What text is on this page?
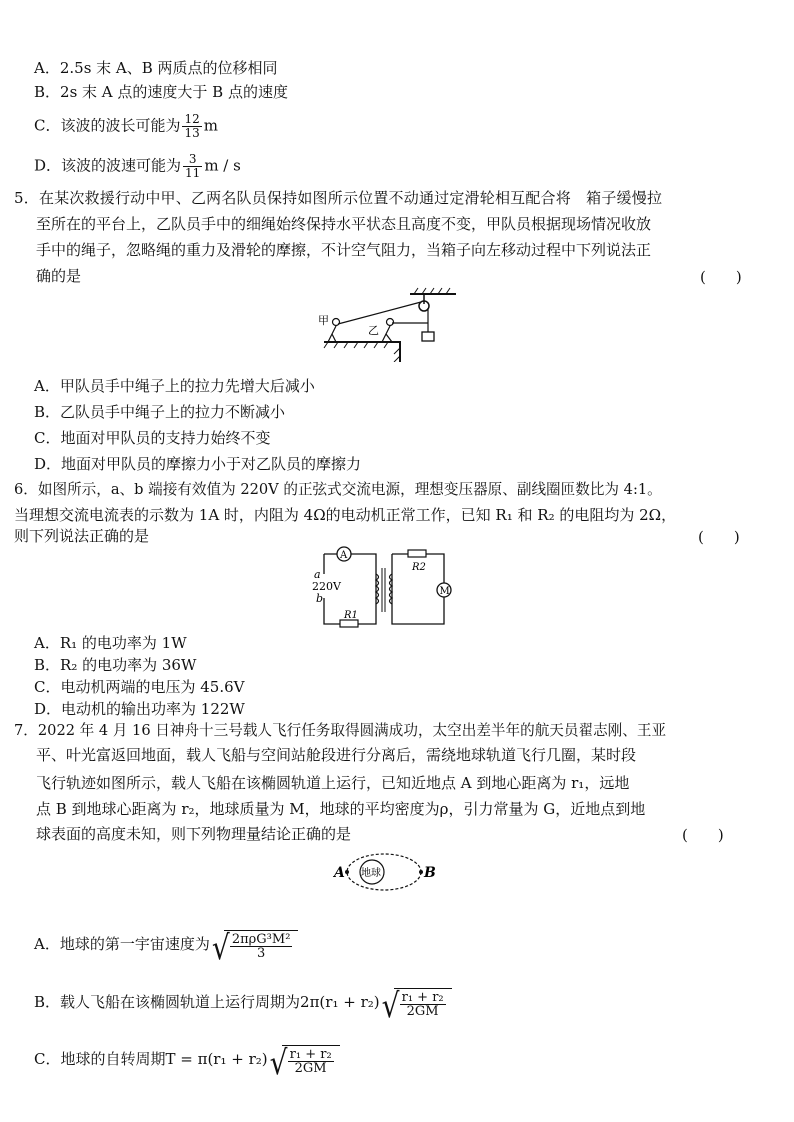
A．2.5s 末 A、B 两质点的位移相同
B．2s 末 A 点的速度大于 B 点的速度
C．该波的波长可能为 $\frac{12}{13}$ m
D．该波的波速可能为 $\frac{3}{11}$ m / s
5．在某次救援行动中甲、乙两名队员保持如图所示位置不动通过定滑轮相互配合将　箱子缓慢拉
至所在的平台上，乙队员手中的细绳始终保持水平状态且高度不变，甲队员根据现场情况收放
手中的绳子，忽略绳的重力及滑轮的摩擦，不计空气阻力，当箱子向左移动过程中下列说法正
确的是	(　　)
甲
乙
A．甲队员手中绳子上的拉力先增大后减小
B．乙队员手中绳子上的拉力不断减小
C．地面对甲队员的支持力始终不变
D．地面对甲队员的摩擦力小于对乙队员的摩擦力
6．如图所示，a、b 端接有效值为 220V 的正弦式交流电源，理想变压器原、副线圈匝数比为 4:1。
当理想交流电流表的示数为 1A 时，内阻为 4Ω的电动机正常工作，已知 R₁ 和 R₂ 的电阻均为 2Ω，
则下列说法正确的是	(　　)
A
R1
a
220V
b
R2
M
A．R₁ 的电功率为 1W
B．R₂ 的电功率为 36W
C．电动机两端的电压为 45.6V
D．电动机的输出功率为 122W
7．2022 年 4 月 16 日神舟十三号载人飞行任务取得圆满成功，太空出差半年的航天员翟志刚、王亚
平、叶光富返回地面，载人飞船与空间站舱段进行分离后，需绕地球轨道飞行几圈，某时段
飞行轨迹如图所示，载人飞船在该椭圆轨道上运行，已知近地点 A 到地心距离为 r₁，远地
点 B 到地球心距离为 r₂，地球质量为 M，地球的平均密度为ρ，引力常量为 G，近地点到地
球表面的高度未知，则下列物理量结论正确的是	(　　)
地球
A	B
A．地球的第一宇宙速度为 √ $\frac{\text{2πρG³M²}}{3}$
B．载人飞船在该椭圆轨道上运行周期为2π(r₁ + r₂) √ $\frac{\text{r₁ + r₂}}{2GM}$
C．地球的自转周期T = π(r₁ + r₂) √ $\frac{\text{r₁ + r₂}}{2GM}$
